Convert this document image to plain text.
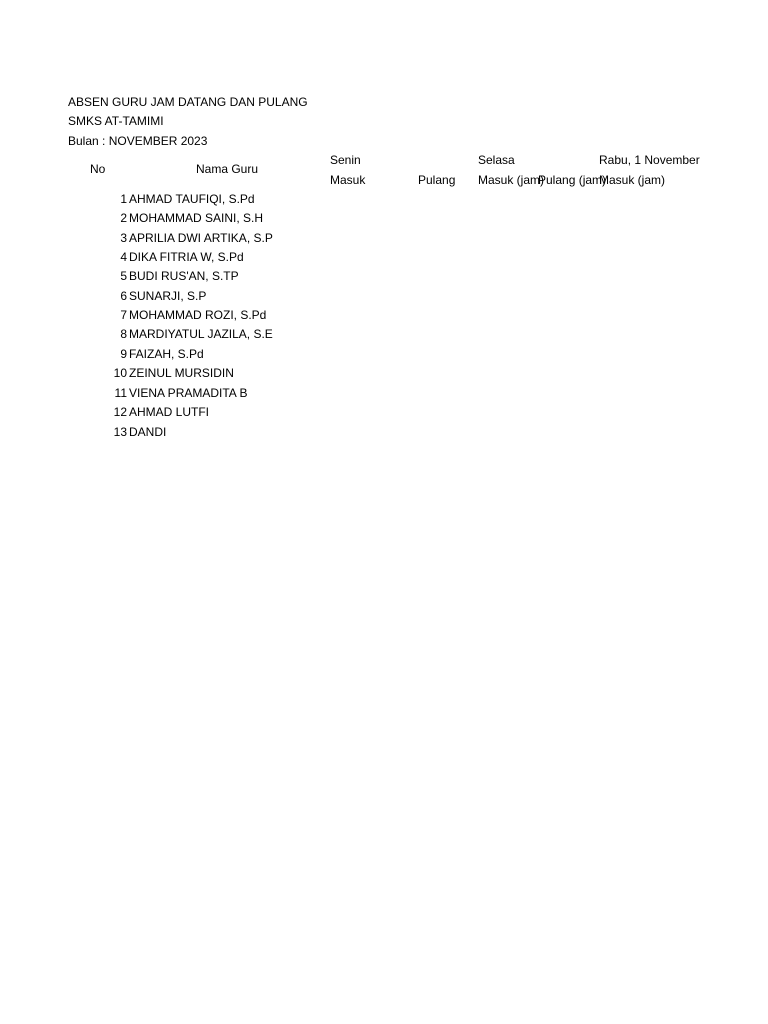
ABSEN GURU JAM DATANG DAN PULANG
SMKS AT-TAMIMI
Bulan : NOVEMBER 2023
No	Nama Guru
Senin
Masuk	Pulang
Selasa
Masuk (jam)
Pulang (jam)
Rabu, 1 November
Masuk (jam)
1 AHMAD TAUFIQI, S.Pd
2 MOHAMMAD SAINI, S.H
3 APRILIA DWI ARTIKA, S.P
4 DIKA FITRIA W, S.Pd
5 BUDI RUS'AN, S.TP
6 SUNARJI, S.P
7 MOHAMMAD ROZI, S.Pd
8 MARDIYATUL JAZILA, S.E
9 FAIZAH, S.Pd
10 ZEINUL MURSIDIN
11 VIENA PRAMADITA B
12 AHMAD LUTFI
13 DANDI
